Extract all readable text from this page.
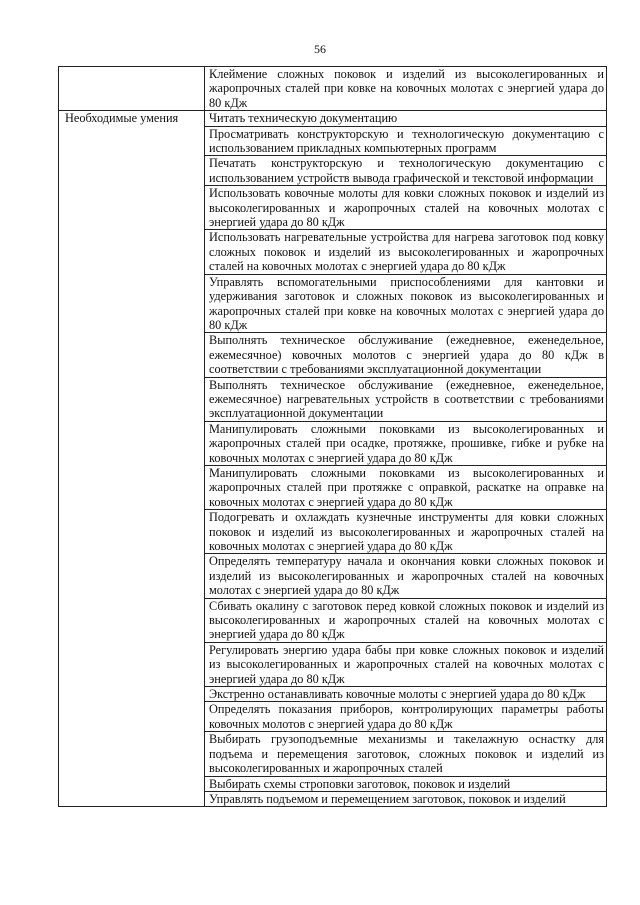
56
	Клеймение сложных поковок и изделий из высоколегированных и жаропрочных сталей при ковке на ковочных молотах с энергией удара до 80 кДж
Необходимые умения	Читать техническую документацию
	Просматривать конструкторскую и технологическую документацию с использованием прикладных компьютерных программ
	Печатать конструкторскую и технологическую документацию с использованием устройств вывода графической и текстовой информации
	Использовать ковочные молоты для ковки сложных поковок и изделий из высоколегированных и жаропрочных сталей на ковочных молотах с энергией удара до 80 кДж
	Использовать нагревательные устройства для нагрева заготовок под ковку сложных поковок и изделий из высоколегированных и жаропрочных сталей на ковочных молотах с энергией удара до 80 кДж
	Управлять вспомогательными приспособлениями для кантовки и удерживания заготовок и сложных поковок из высоколегированных и жаропрочных сталей при ковке на ковочных молотах с энергией удара до 80 кДж
	Выполнять техническое обслуживание (ежедневное, еженедельное, ежемесячное) ковочных молотов с энергией удара до 80 кДж в соответствии с требованиями эксплуатационной документации
	Выполнять техническое обслуживание (ежедневное, еженедельное, ежемесячное) нагревательных устройств в соответствии с требованиями эксплуатационной документации
	Манипулировать сложными поковками из высоколегированных и жаропрочных сталей при осадке, протяжке, прошивке, гибке и рубке на ковочных молотах с энергией удара до 80 кДж
	Манипулировать сложными поковками из высоколегированных и жаропрочных сталей при протяжке с оправкой, раскатке на оправке на ковочных молотах с энергией удара до 80 кДж
	Подогревать и охлаждать кузнечные инструменты для ковки сложных поковок и изделий из высоколегированных и жаропрочных сталей на ковочных молотах с энергией удара до 80 кДж
	Определять температуру начала и окончания ковки сложных поковок и изделий из высоколегированных и жаропрочных сталей на ковочных молотах с энергией удара до 80 кДж
	Сбивать окалину с заготовок перед ковкой сложных поковок и изделий из высоколегированных и жаропрочных сталей на ковочных молотах с энергией удара до 80 кДж
	Регулировать энергию удара бабы при ковке сложных поковок и изделий из высоколегированных и жаропрочных сталей на ковочных молотах с энергией удара до 80 кДж
	Экстренно останавливать ковочные молоты с энергией удара до 80 кДж
	Определять показания приборов, контролирующих параметры работы ковочных молотов с энергией удара до 80 кДж
	Выбирать грузоподъемные механизмы и такелажную оснастку для подъема и перемещения заготовок, сложных поковок и изделий из высоколегированных и жаропрочных сталей
	Выбирать схемы строповки заготовок, поковок и изделий
	Управлять подъемом и перемещением заготовок, поковок и изделий
